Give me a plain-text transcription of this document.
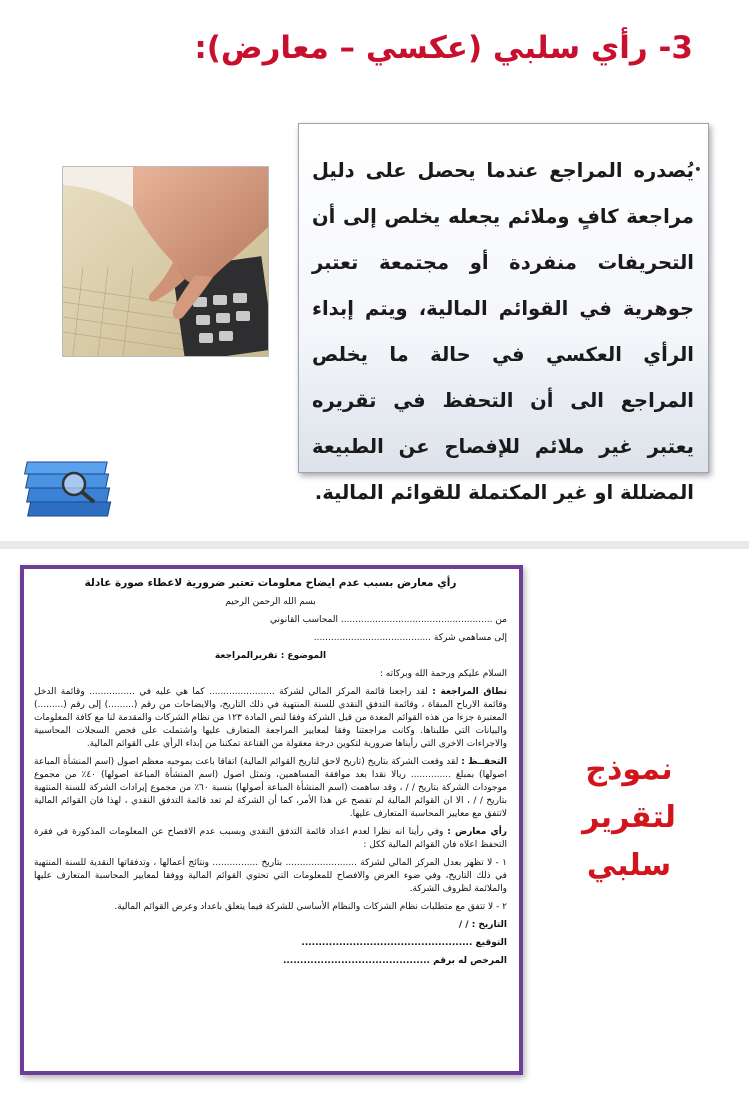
3- رأي سلبي (عكسي – معارض):
•
يُصدره المراجع عندما يحصل على دليل مراجعة كافٍ وملائم يجعله يخلص إلى أن التحريفات منفردة أو مجتمعة تعتبر جوهرية في القوائم المالية، ويتم إبداء الرأي العكسي في حالة ما يخلص المراجع الى أن التحفظ في تقريره يعتبر غير ملائم للإفصاح عن الطبيعة المضللة او غير المكتملة للقوائم المالية.

رأي معارض بسبب عدم ايضاح معلومات تعتبر ضرورية لاعطاء صورة عادلة

بسم الله الرحمن الرحيم

من ..................................................... المحاسب القانوني

إلى مساهمي شركة .........................................

الموضوع : تقريرالمراجعة

السلام عليكم ورحمة الله وبركاته :

نطاق المراجعة : لقد راجعنا قائمة المركز المالي لشركة ....................... كما هي عليه في ................ وقائمة الدخل وقائمة الارباح المبقاة ، وقائمة التدفق النقدي للسنة المنتهية في ذلك التاريخ، والايضاحات من رقم (.........) إلى رقم (.........) المعتبرة جزءا من هذه القوائم المعدة من قبل الشركة وفقا لنص المادة ١٢٣ من نظام الشركات والمقدمة لنا مع كافة المعلومات والبيانات التي طلبناها. وكانت مراجعتنا وفقا لمعايير المراجعة المتعارف عليها واشتملت على فحص السجلات المحاسبية والاجراءات الاخرى التي رأيناها ضرورية لتكوين درجة معقولة من القناعة تمكننا من إبداء الرأي على القوائم المالية.

التحفــظ : لقد وقعت الشركة بتاريخ (تاريخ لاحق لتاريخ القوائم المالية) اتفاقا باعت بموجبه معظم اصول (اسم المنشأة المباعة اصولها) بمبلغ .............. ريالا نقدا بعد موافقة المساهمين، وتمثل اصول (اسم المنشأة المباعة اصولها) ٤٠٪ من مجموع موجودات الشركة بتاريخ / / ، وقد ساهمت (اسم المنشأة المباعة أصولها) بنسبة ٦٠٪ من مجموع إيرادات الشركة للسنة المنتهية بتاريخ / / ، الا ان القوائم المالية لم تفصح عن هذا الأمر، كما أن الشركة لم تعد قائمة التدفق النقدي ، لهذا فان القوائم المالية لاتتفق مع معايير المحاسبة المتعارف عليها.

رأي معارض : وفي رأينا انه نظرا لعدم اعداد قائمة التدفق النقدي وبسبب عدم الافصاح عن المعلومات المذكورة في فقرة التحفظ اعلاه فان القوائم المالية ككل :

١ - لا تظهر بعدل المركز المالي لشركة ......................... بتاريخ ................ ونتائج أعمالها ، وتدفقاتها النقدية للسنة المنتهية في ذلك التاريخ، وفي ضوء العرض والافصاح للمعلومات التي تحتوي القوائم المالية ووفقا لمعايير المحاسبة المتعارف عليها والملائمة لظروف الشركة.

٢ - لا تتفق مع متطلبات نظام الشركات والنظام الأساسي للشركة فيما يتعلق باعداد وعرض القوائم المالية.

التاريخ : / /

التوقيع ..................................................

المرخص له برقم ...........................................

نموذج لتقرير سلبي
